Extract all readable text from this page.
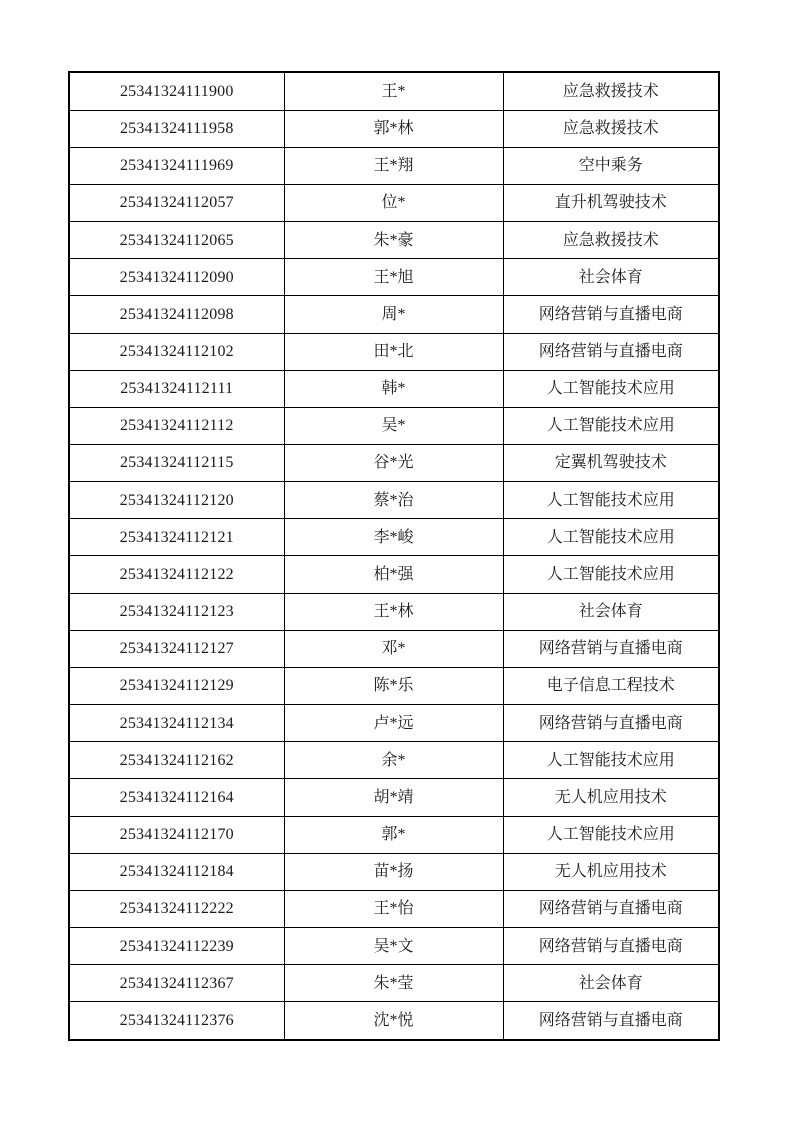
25341324111900	王*	应急救援技术
25341324111958	郭*林	应急救援技术
25341324111969	王*翔	空中乘务
25341324112057	位*	直升机驾驶技术
25341324112065	朱*豪	应急救援技术
25341324112090	王*旭	社会体育
25341324112098	周*	网络营销与直播电商
25341324112102	田*北	网络营销与直播电商
25341324112111	韩*	人工智能技术应用
25341324112112	吴*	人工智能技术应用
25341324112115	谷*光	定翼机驾驶技术
25341324112120	蔡*治	人工智能技术应用
25341324112121	李*峻	人工智能技术应用
25341324112122	柏*强	人工智能技术应用
25341324112123	王*林	社会体育
25341324112127	邓*	网络营销与直播电商
25341324112129	陈*乐	电子信息工程技术
25341324112134	卢*远	网络营销与直播电商
25341324112162	余*	人工智能技术应用
25341324112164	胡*靖	无人机应用技术
25341324112170	郭*	人工智能技术应用
25341324112184	苗*扬	无人机应用技术
25341324112222	王*怡	网络营销与直播电商
25341324112239	吴*文	网络营销与直播电商
25341324112367	朱*莹	社会体育
25341324112376	沈*悦	网络营销与直播电商
